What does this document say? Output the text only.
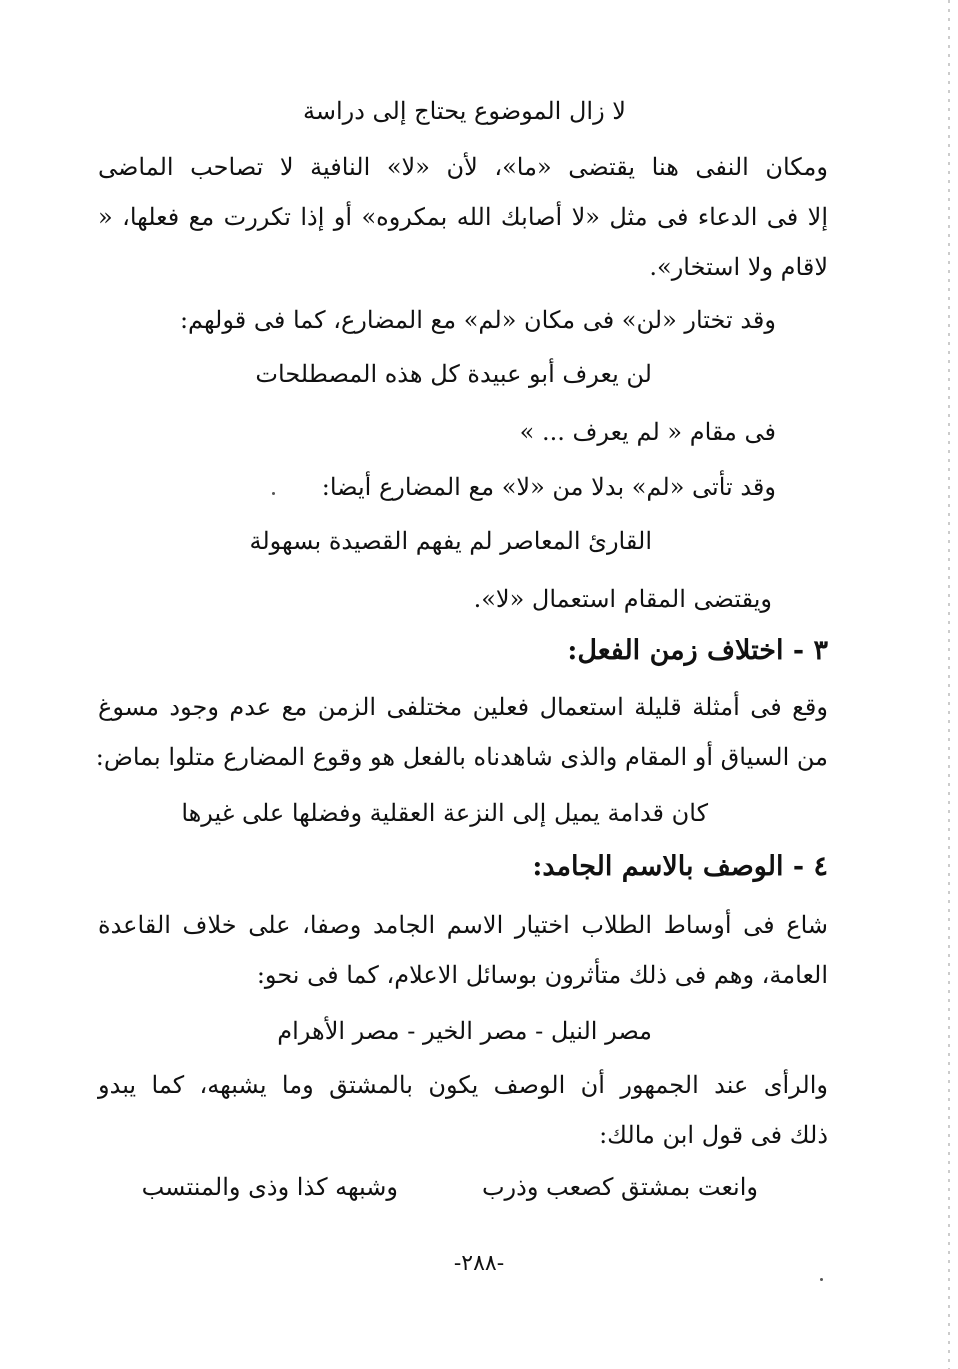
لا زال الموضوع يحتاج إلى دراسة
ومكان النفى هنا يقتضى «ما»، لأن «لا» النافية لا تصاحب الماضى
إلا فى الدعاء فى مثل «لا أصابك الله بمكروه» أو إذا تكررت مع فعلها، «
لاقام ولا استخار».
وقد تختار «لن» فى مكان «لم» مع المضارع، كما فى قولهم:
لن يعرف أبو عبيدة كل هذه المصطلحات
فى مقام « لم يعرف ... »
وقد تأتى «لم» بدلا من «لا» مع المضارع أيضا:
القارئ المعاصر لم يفهم القصيدة بسهولة
ويقتضى المقام استعمال «لا».
٣ - اختلاف زمن الفعل:
وقع فى أمثلة قليلة استعمال فعلين مختلفى الزمن مع عدم وجود مسوغ
من السياق أو المقام والذى شاهدناه بالفعل هو وقوع المضارع متلوا بماض:
كان قدامة يميل إلى النزعة العقلية وفضلها على غيرها
٤ - الوصف بالاسم الجامد:
شاع فى أوساط الطلاب اختيار الاسم الجامد وصفا، على خلاف القاعدة
العامة، وهم فى ذلك متأثرون بوسائل الاعلام، كما فى نحو:
مصر النيل - مصر الخير - مصر الأهرام
والرأى عند الجمهور أن الوصف يكون بالمشتق وما يشبهه، كما يبدو
ذلك فى قول ابن مالك:
وانعت بمشتق كصعب وذرب
وشبهه كذا وذى والمنتسب
-٢٨٨-
